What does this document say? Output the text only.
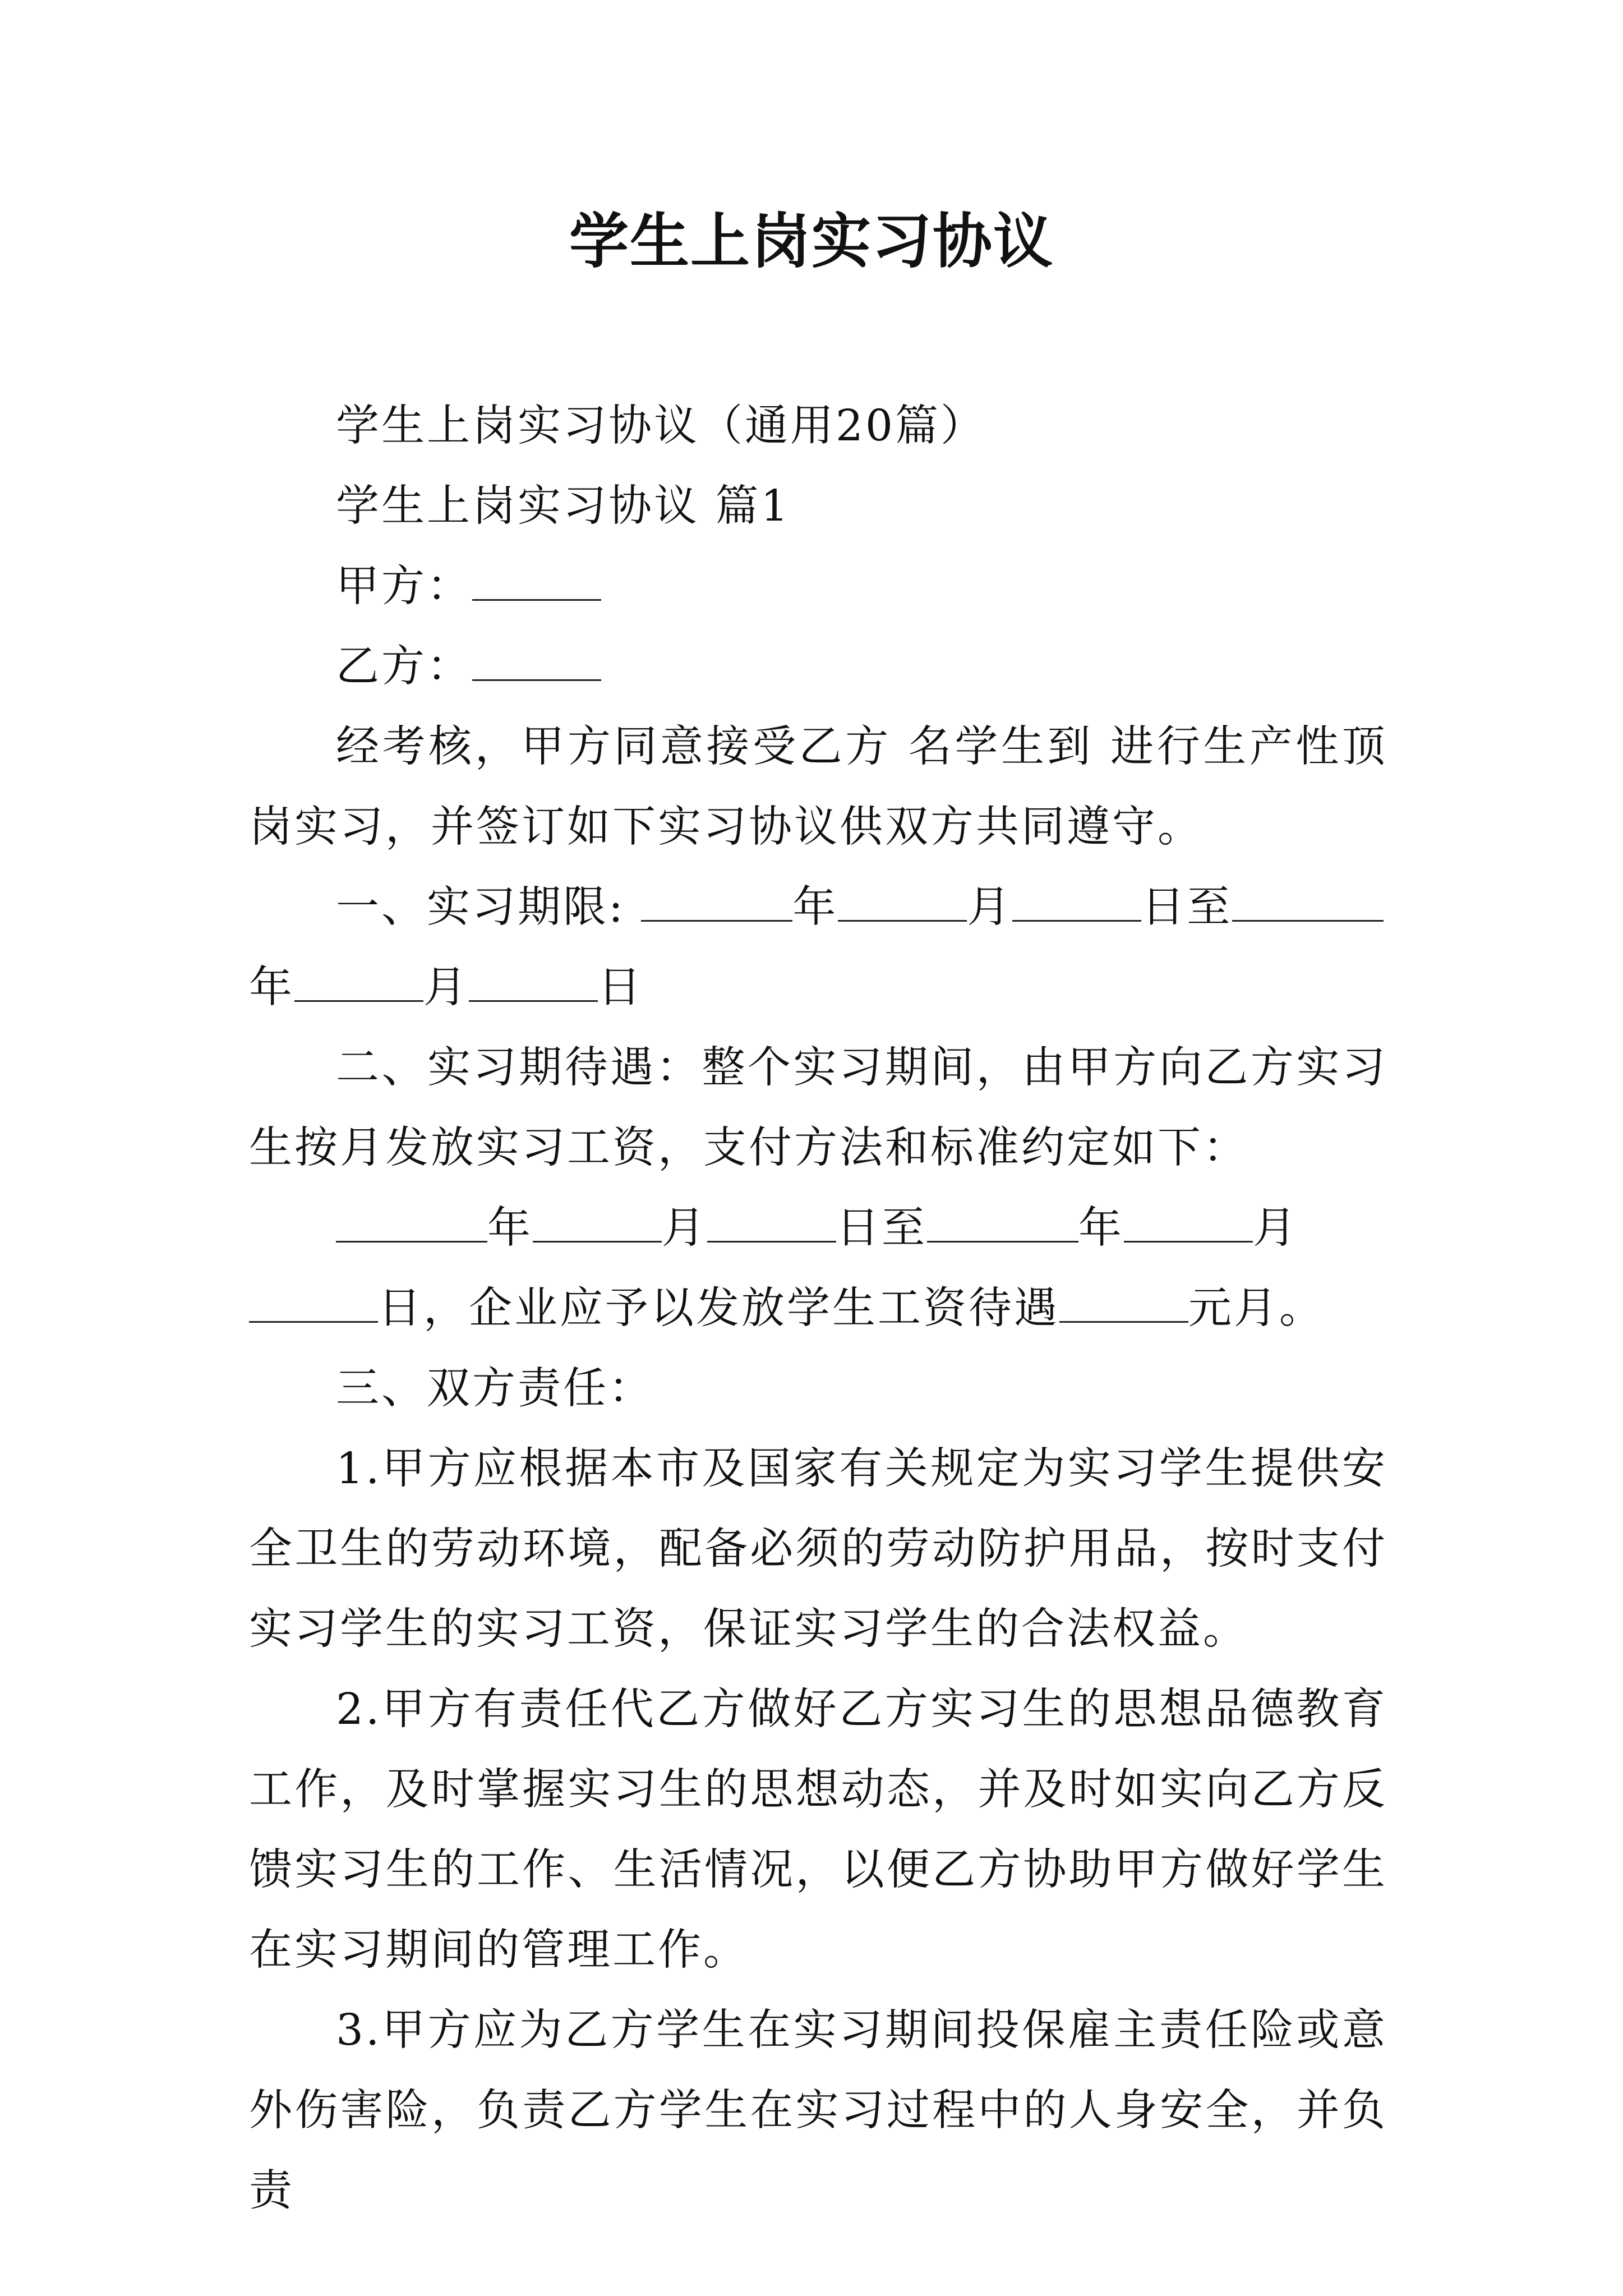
学生上岗实习协议

学生上岗实习协议（通用20篇）

学生上岗实习协议 篇1

甲方：

乙方：

经考核，甲方同意接受乙方 名学生到 进行生产性顶岗实习，并签订如下实习协议供双方共同遵守。

一、实习期限:	年	月	日至
年	月	日

二、实习期待遇：整个实习期间，由甲方向乙方实习生按月发放实习工资，支付方法和标准约定如下：

年	月	日至	年	月
日，企业应予以发放学生工资待遇	元月。

三、双方责任：

1.甲方应根据本市及国家有关规定为实习学生提供安全卫生的劳动环境，配备必须的劳动防护用品，按时支付实习学生的实习工资，保证实习学生的合法权益。

2.甲方有责任代乙方做好乙方实习生的思想品德教育工作，及时掌握实习生的思想动态，并及时如实向乙方反馈实习生的工作、生活情况，以便乙方协助甲方做好学生在实习期间的管理工作。

3.甲方应为乙方学生在实习期间投保雇主责任险或意外伤害险，负责乙方学生在实习过程中的人身安全，并负责
